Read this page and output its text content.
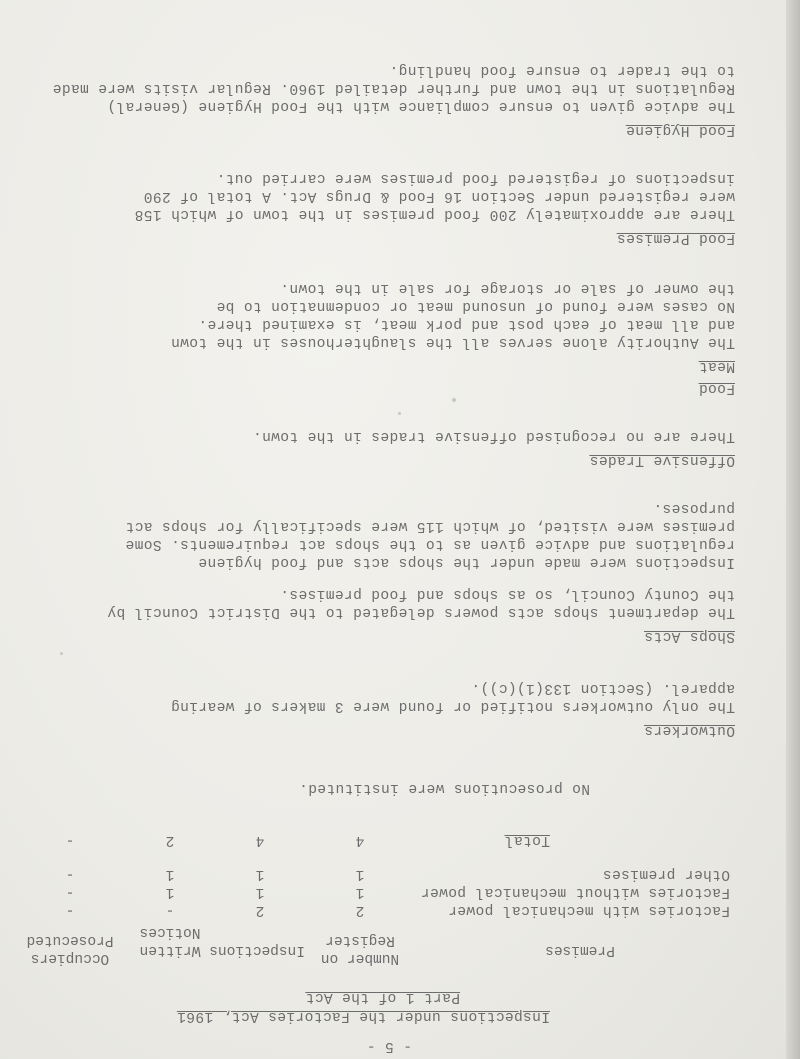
- 5 -
Inspections under the Factories Act, 1961
Part 1 of the Act
Premises
Number on Register
Inspections
Written Notices
Occupiers Prosecuted
Factories with mechanical power
2
2
-
-
Factories without mechanical power
1
1
1
-
Other premises
1
1
1
-
Total
4
4
2
-
No prosecutions were instituted.
Outworkers
The only outworkers notified or found were 3 makers of wearing
apparel. (Section 133(1)(c)).
Shops Acts
The department shops acts powers delegated to the District Council by
the County Council, so as shops and food premises.
Inspections were made under the shops acts and food hygiene
regulations and advice given as to the shops act requirements. Some
premises were visited, of which 115 were specifically for shops act
purposes.
Offensive Trades
There are no recognised offensive trades in the town.
Food
Meat
The Authority alone serves all the slaughterhouses in the town
and all meat of each post and pork meat, is examined there.
No cases were found of unsound meat or condemnation to be
the owner of sale or storage for sale in the town.
Food Premises
There are approximately 200 food premises in the town of which 158
were registered under Section 16 Food & Drugs Act. A total of 290
inspections of registered food premises were carried out.
Food Hygiene
The advice given to ensure compliance with the Food Hygiene (General)
Regulations in the town and further detailed 1960. Regular visits were made
to the trader to ensure food handling.
